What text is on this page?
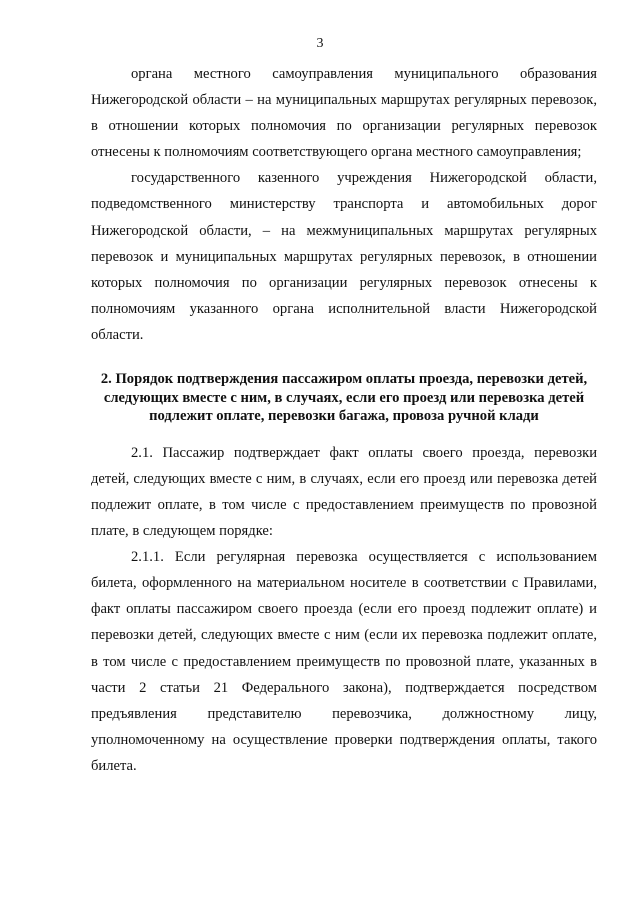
3

органа местного самоуправления муниципального образования Нижегородской области – на муниципальных маршрутах регулярных перевозок, в отношении которых полномочия по организации регулярных перевозок отнесены к полномочиям соответствующего органа местного самоуправления;

государственного казенного учреждения Нижегородской области, подведомственного министерству транспорта и автомобильных дорог Нижегородской области, – на межмуниципальных маршрутах регулярных перевозок и муниципальных маршрутах регулярных перевозок, в отношении которых полномочия по организации регулярных перевозок отнесены к полномочиям указанного органа исполнительной власти Нижегородской области.

2. Порядок подтверждения пассажиром оплаты проезда, перевозки детей, следующих вместе с ним, в случаях, если его проезд или перевозка детей подлежит оплате, перевозки багажа, провоза ручной клади

2.1. Пассажир подтверждает факт оплаты своего проезда, перевозки детей, следующих вместе с ним, в случаях, если его проезд или перевозка детей подлежит оплате, в том числе с предоставлением преимуществ по провозной плате, в следующем порядке:

2.1.1. Если регулярная перевозка осуществляется с использованием билета, оформленного на материальном носителе в соответствии с Правилами, факт оплаты пассажиром своего проезда (если его проезд подлежит оплате) и перевозки детей, следующих вместе с ним (если их перевозка подлежит оплате, в том числе с предоставлением преимуществ по провозной плате, указанных в части 2 статьи 21 Федерального закона), подтверждается посредством предъявления представителю перевозчика, должностному лицу, уполномоченному на осуществление проверки подтверждения оплаты, такого билета.
